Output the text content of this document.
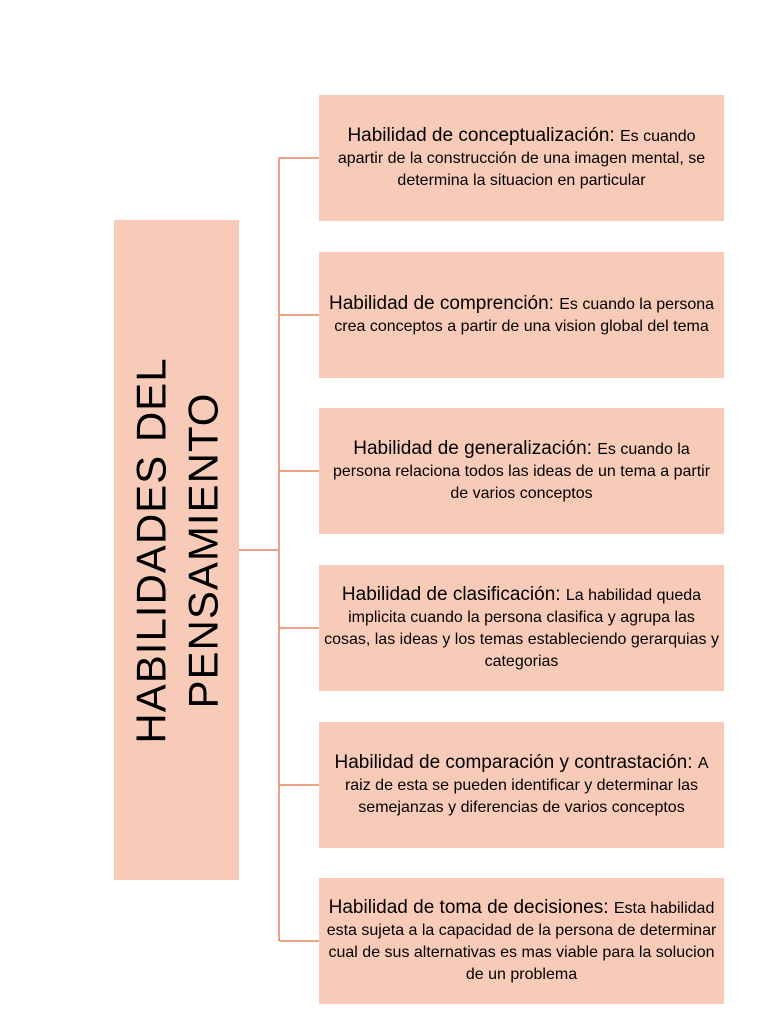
HABILIDADES DEL PENSAMIENTO

Habilidad de conceptualización: Es cuando apartir de la construcción de una imagen mental, se determina la situacion en particular
Habilidad de comprención: Es cuando la persona crea conceptos a partir de una vision global del tema
Habilidad de generalización: Es cuando la persona relaciona todos las ideas de un tema a partir de varios conceptos
Habilidad de clasificación: La habilidad queda implicita cuando la persona clasifica y agrupa las cosas, las ideas y los temas estableciendo gerarquias y categorias
Habilidad de comparación y contrastación: A raiz de esta se pueden identificar y determinar las semejanzas y diferencias de varios conceptos
Habilidad de toma de decisiones: Esta habilidad esta sujeta a la capacidad de la persona de determinar cual de sus alternativas es mas viable para la solucion de un problema
